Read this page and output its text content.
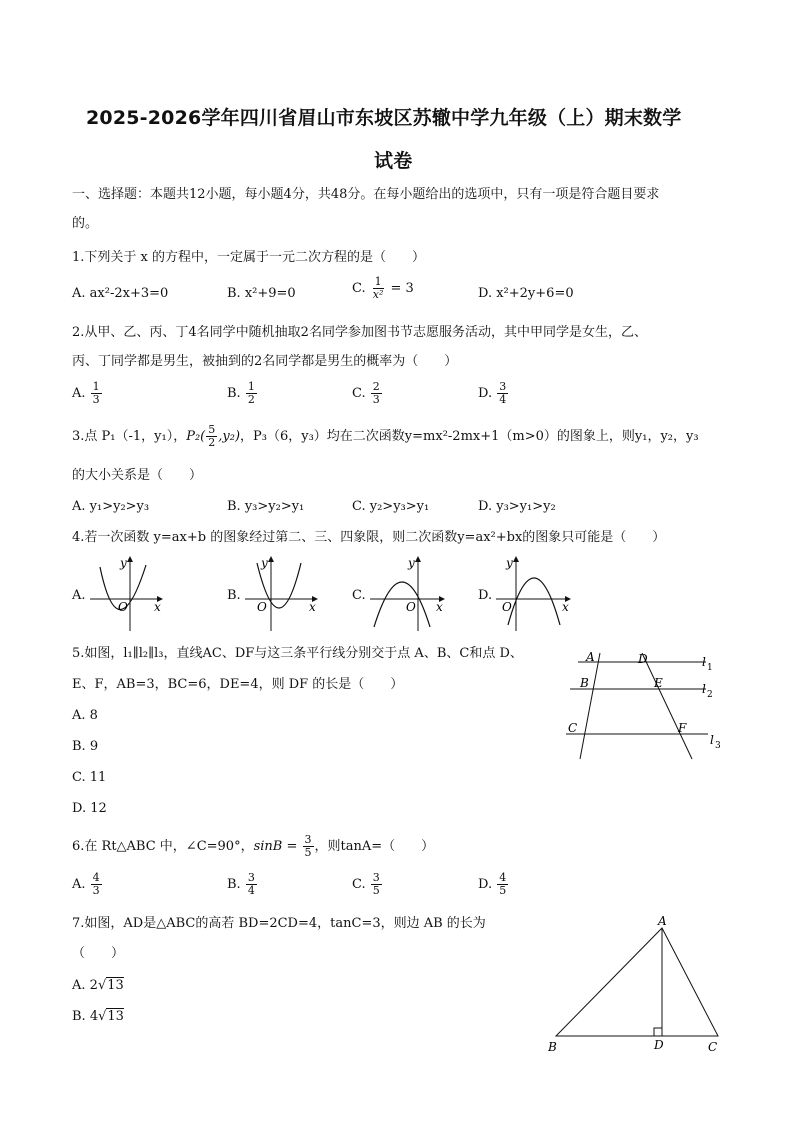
2025-2026学年四川省眉山市东坡区苏辙中学九年级（上）期末数学
试卷
一、选择题：本题共12小题，每小题4分，共48分。在每小题给出的选项中，只有一项是符合题目要求
的。
1.下列关于 x 的方程中，一定属于一元二次方程的是（　　）
A. ax²-2x+3=0	B. x²+9=0	C. $\frac{1}{\text{x²}} = 3$	D. x²+2y+6=0
2.从甲、乙、丙、丁4名同学中随机抽取2名同学参加图书节志愿服务活动，其中甲同学是女生，乙、
丙、丁同学都是男生，被抽到的2名同学都是男生的概率为（　　）
A. $\frac{1}{3}$	B. $\frac{1}{2}$	C. $\frac{2}{3}$	D. $\frac{3}{4}$
3.点 P₁（-1，y₁），$P_2( \frac{5}{2} ,y_2)$，P₃（6，y₃）均在二次函数y=mx²-2mx+1（m>0）的图象上，则y₁，y₂，y₃
的大小关系是（　　）
A. y₁>y₂>y₃	B. y₃>y₂>y₁	C. y₂>y₃>y₁	D. y₃>y₁>y₂
4.若一次函数 y=ax+b 的图象经过第二、三、四象限，则二次函数y=ax²+bx的图象只可能是（　　）
A.	B.	C.	D.
y
x
O
y
x
O
y
x
O
y
x
O
5.如图，l₁∥l₂∥l₃，直线AC、DF与这三条平行线分别交于点 A、B、C和点 D、
E、F，AB=3，BC=6，DE=4，则 DF 的长是（　　）
A. 8
B. 9
C. 11
D. 12
A	D
B	E
C	F
l 1
l 2
l 3
6.在 Rt△ABC 中，∠C=90°，$\sin B = \frac{3}{5}$ ，则tanA=（　　）
A. $\frac{4}{3}$	B. $\frac{3}{4}$	C. $\frac{3}{5}$	D. $\frac{4}{5}$
7.如图，AD是△ABC的高若 BD=2CD=4，tanC=3，则边 AB 的长为
（　　）
A. 2√13
B. 4√13
A
B	D	C
